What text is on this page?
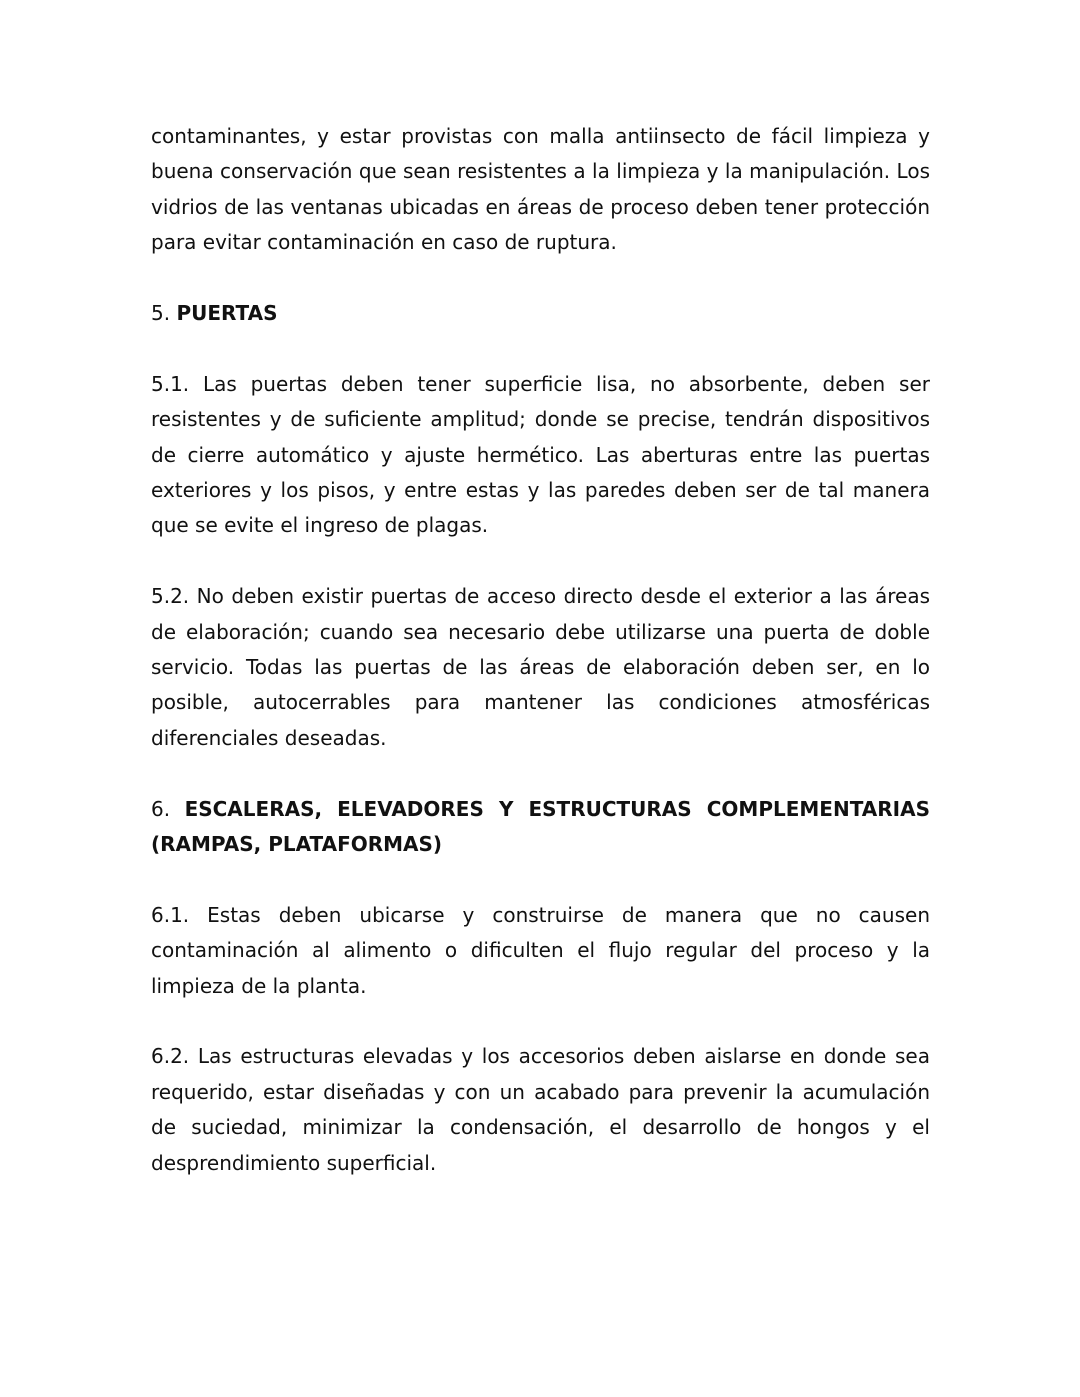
contaminantes, y estar provistas con malla antiinsecto de fácil limpieza y buena conservación que sean resistentes a la limpieza y la manipulación. Los vidrios de las ventanas ubicadas en áreas de proceso deben tener protección para evitar contaminación en caso de ruptura.

5. PUERTAS

5.1. Las puertas deben tener superficie lisa, no absorbente, deben ser resistentes y de suficiente amplitud; donde se precise, tendrán dispositivos de cierre automático y ajuste hermético. Las aberturas entre las puertas exteriores y los pisos, y entre estas y las paredes deben ser de tal manera que se evite el ingreso de plagas.

5.2. No deben existir puertas de acceso directo desde el exterior a las áreas de elaboración; cuando sea necesario debe utilizarse una puerta de doble servicio. Todas las puertas de las áreas de elaboración deben ser, en lo posible, autocerrables para mantener las condiciones atmosféricas diferenciales deseadas.

6. ESCALERAS, ELEVADORES Y ESTRUCTURAS COMPLEMENTARIAS (RAMPAS, PLATAFORMAS)

6.1. Estas deben ubicarse y construirse de manera que no causen contaminación al alimento o dificulten el flujo regular del proceso y la limpieza de la planta.

6.2. Las estructuras elevadas y los accesorios deben aislarse en donde sea requerido, estar diseñadas y con un acabado para prevenir la acumulación de suciedad, minimizar la condensación, el desarrollo de hongos y el desprendimiento superficial.
